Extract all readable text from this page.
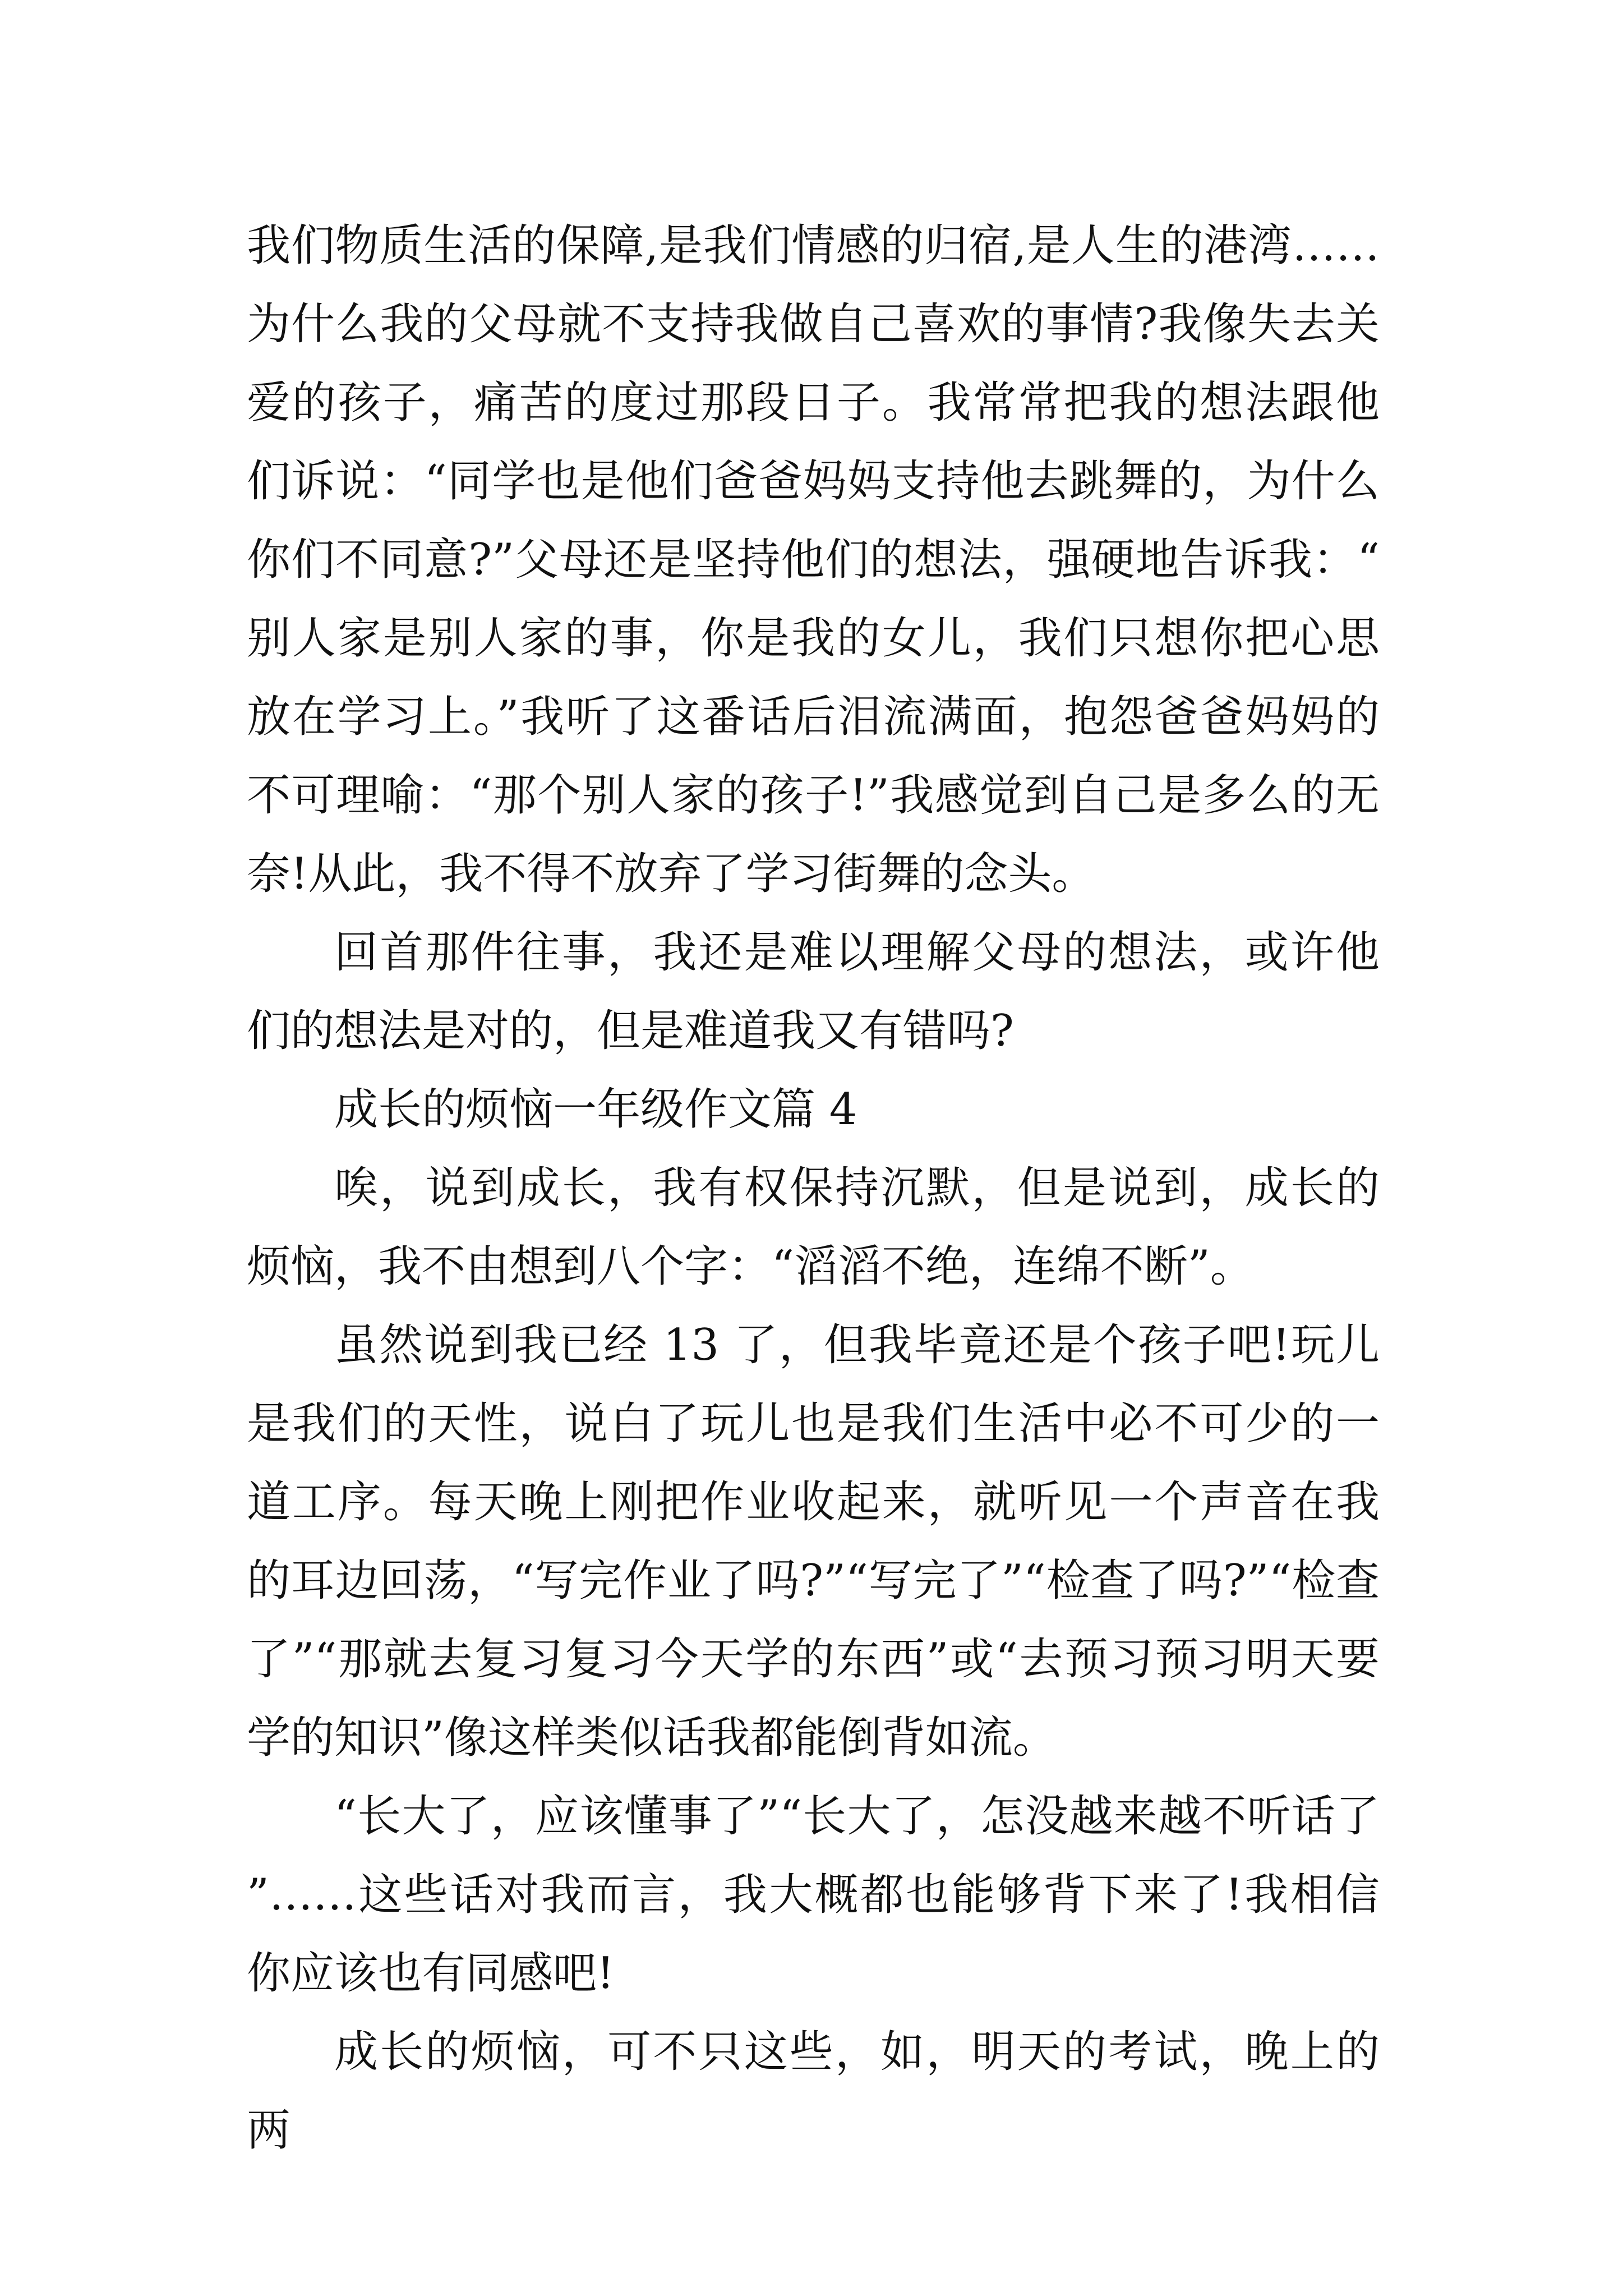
我们物质生活的保障,是我们情感的归宿,是人生的港湾……为什么我的父母就不支持我做自己喜欢的事情?我像失去关爱的孩子，痛苦的度过那段日子。我常常把我的想法跟他们诉说：“同学也是他们爸爸妈妈支持他去跳舞的，为什么你们不同意?”父母还是坚持他们的想法，强硬地告诉我：“别人家是别人家的事，你是我的女儿，我们只想你把心思放在学习上。”我听了这番话后泪流满面，抱怨爸爸妈妈的不可理喻：“那个别人家的孩子!”我感觉到自己是多么的无奈!从此，我不得不放弃了学习街舞的念头。

回首那件往事，我还是难以理解父母的想法，或许他们的想法是对的，但是难道我又有错吗?

成长的烦恼一年级作文篇 4

唉，说到成长，我有权保持沉默，但是说到，成长的烦恼，我不由想到八个字：“滔滔不绝，连绵不断”。

虽然说到我已经 13 了，但我毕竟还是个孩子吧!玩儿是我们的天性，说白了玩儿也是我们生活中必不可少的一道工序。每天晚上刚把作业收起来，就听见一个声音在我的耳边回荡，“写完作业了吗?”“写完了”“检查了吗?”“检查了”“那就去复习复习今天学的东西”或“去预习预习明天要学的知识”像这样类似话我都能倒背如流。

“长大了，应该懂事了”“长大了，怎没越来越不听话了”……这些话对我而言，我大概都也能够背下来了!我相信你应该也有同感吧!

成长的烦恼，可不只这些，如，明天的考试，晚上的两
